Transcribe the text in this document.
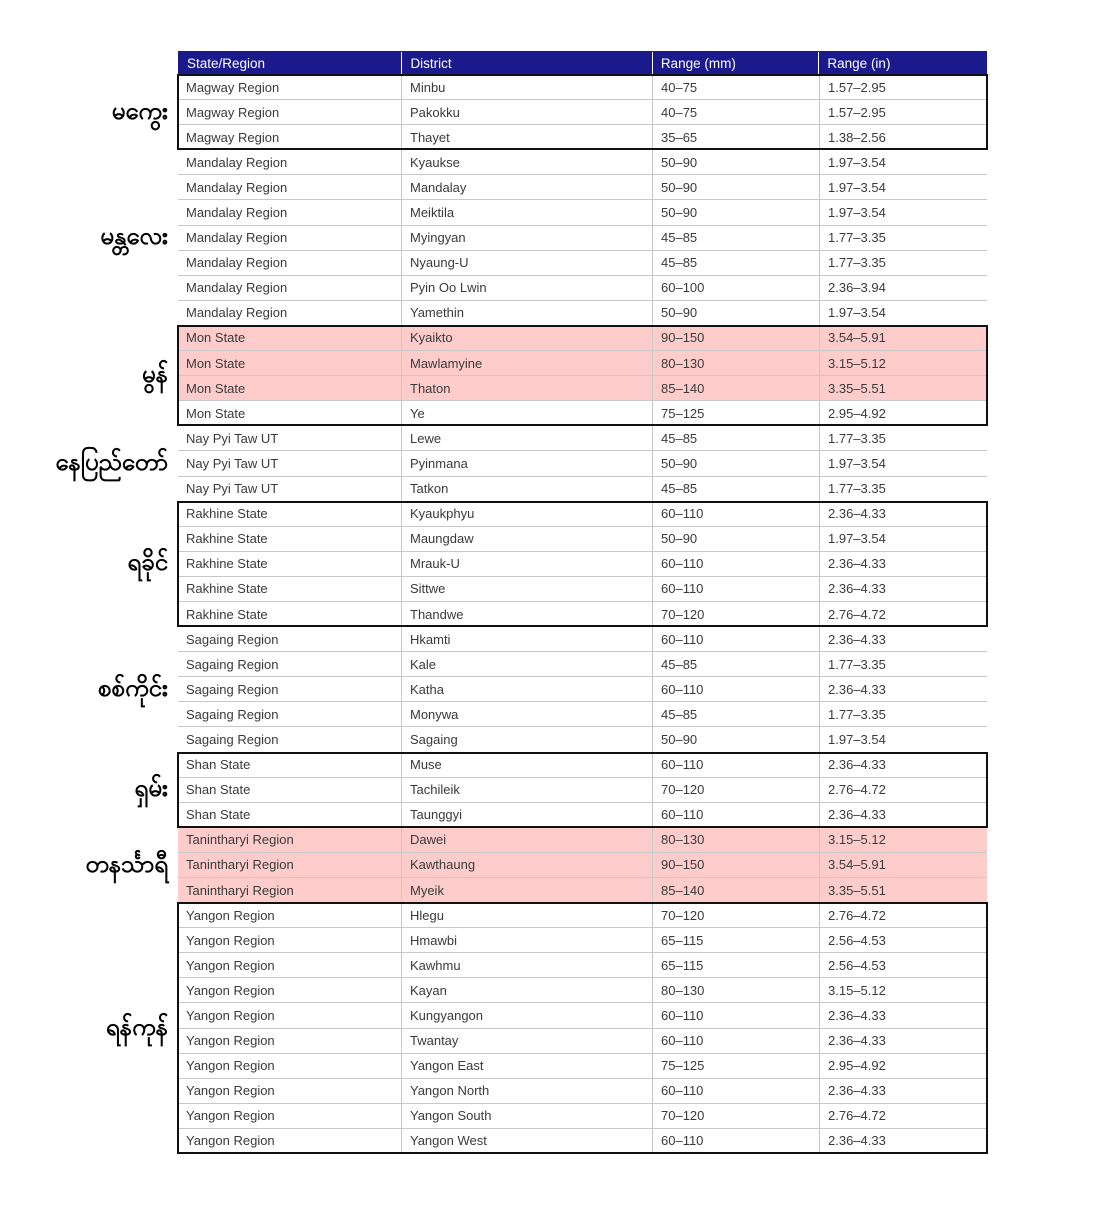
မကွေး
မန္တလေး
မွန်
နေပြည်တော်
ရခိုင်
စစ်ကိုင်း
ရှမ်း
တနင်္သာရီ
ရန်ကုန်
State/Region	District	Range (mm)	Range (in)
Magway Region	Minbu	40–75	1.57–2.95
Magway Region	Pakokku	40–75	1.57–2.95
Magway Region	Thayet	35–65	1.38–2.56
Mandalay Region	Kyaukse	50–90	1.97–3.54
Mandalay Region	Mandalay	50–90	1.97–3.54
Mandalay Region	Meiktila	50–90	1.97–3.54
Mandalay Region	Myingyan	45–85	1.77–3.35
Mandalay Region	Nyaung-U	45–85	1.77–3.35
Mandalay Region	Pyin Oo Lwin	60–100	2.36–3.94
Mandalay Region	Yamethin	50–90	1.97–3.54
Mon State	Kyaikto	90–150	3.54–5.91
Mon State	Mawlamyine	80–130	3.15–5.12
Mon State	Thaton	85–140	3.35–5.51
Mon State	Ye	75–125	2.95–4.92
Nay Pyi Taw UT	Lewe	45–85	1.77–3.35
Nay Pyi Taw UT	Pyinmana	50–90	1.97–3.54
Nay Pyi Taw UT	Tatkon	45–85	1.77–3.35
Rakhine State	Kyaukphyu	60–110	2.36–4.33
Rakhine State	Maungdaw	50–90	1.97–3.54
Rakhine State	Mrauk-U	60–110	2.36–4.33
Rakhine State	Sittwe	60–110	2.36–4.33
Rakhine State	Thandwe	70–120	2.76–4.72
Sagaing Region	Hkamti	60–110	2.36–4.33
Sagaing Region	Kale	45–85	1.77–3.35
Sagaing Region	Katha	60–110	2.36–4.33
Sagaing Region	Monywa	45–85	1.77–3.35
Sagaing Region	Sagaing	50–90	1.97–3.54
Shan State	Muse	60–110	2.36–4.33
Shan State	Tachileik	70–120	2.76–4.72
Shan State	Taunggyi	60–110	2.36–4.33
Tanintharyi Region	Dawei	80–130	3.15–5.12
Tanintharyi Region	Kawthaung	90–150	3.54–5.91
Tanintharyi Region	Myeik	85–140	3.35–5.51
Yangon Region	Hlegu	70–120	2.76–4.72
Yangon Region	Hmawbi	65–115	2.56–4.53
Yangon Region	Kawhmu	65–115	2.56–4.53
Yangon Region	Kayan	80–130	3.15–5.12
Yangon Region	Kungyangon	60–110	2.36–4.33
Yangon Region	Twantay	60–110	2.36–4.33
Yangon Region	Yangon East	75–125	2.95–4.92
Yangon Region	Yangon North	60–110	2.36–4.33
Yangon Region	Yangon South	70–120	2.76–4.72
Yangon Region	Yangon West	60–110	2.36–4.33
